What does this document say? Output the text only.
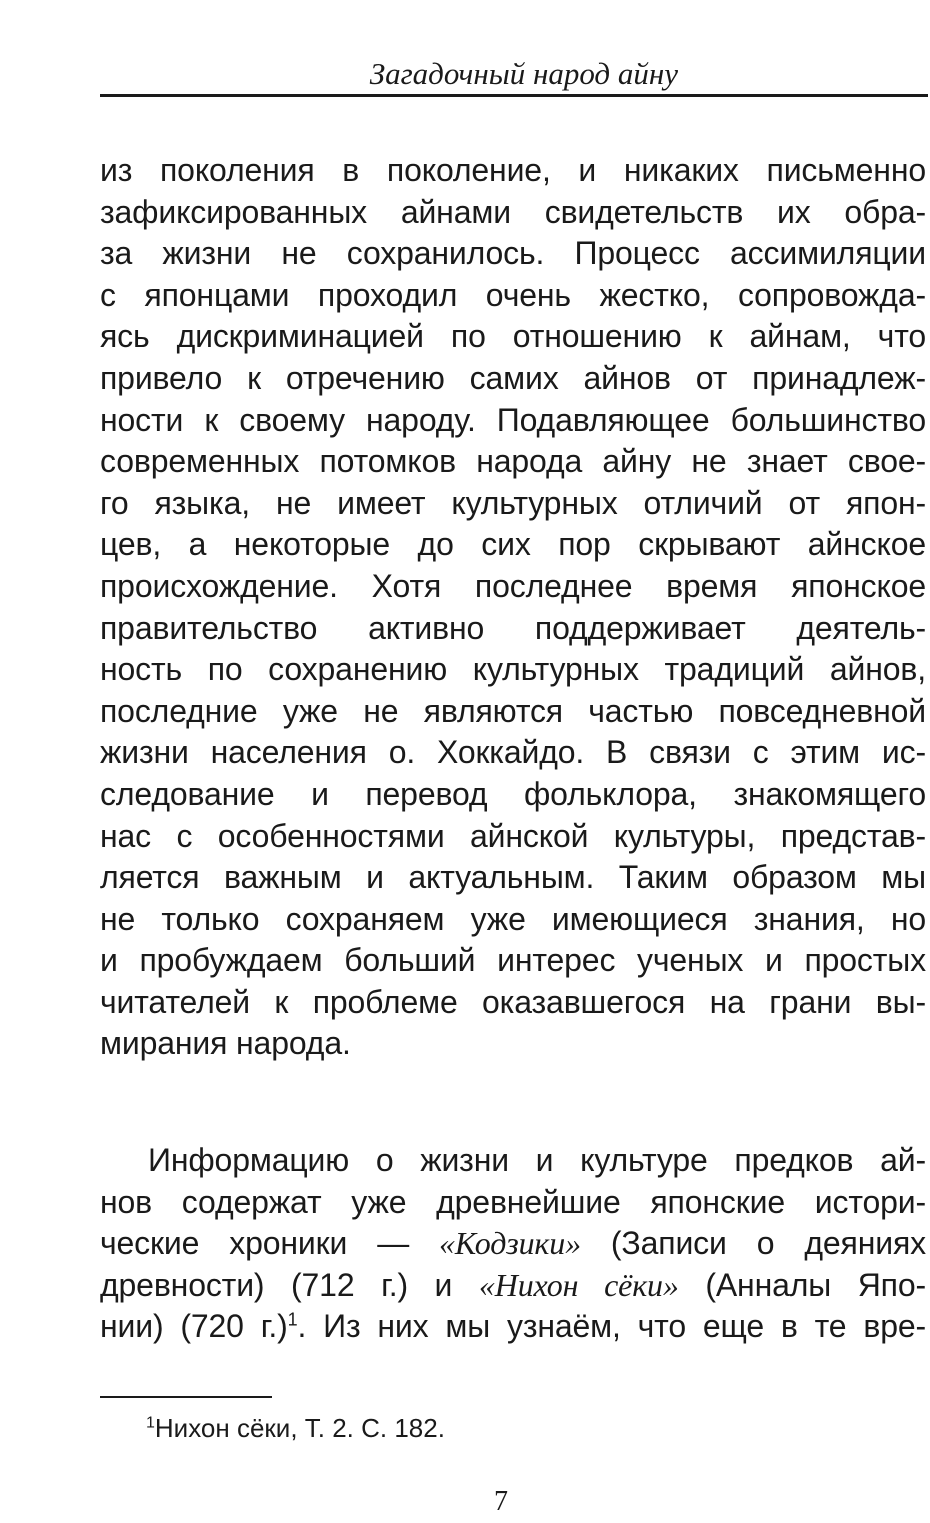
Загадочный народ айну
из поколения в поколение, и никаких письменно
зафиксированных айнами свидетельств их обра-
за жизни не сохранилось. Процесс ассимиляции
с японцами проходил очень жестко, сопровожда-
ясь дискриминацией по отношению к айнам, что
привело к отречению самих айнов от принадлеж-
ности к своему народу. Подавляющее большинство
современных потомков народа айну не знает свое-
го языка, не имеет культурных отличий от япон-
цев, а некоторые до сих пор скрывают айнское
происхождение. Хотя последнее время японское
правительство активно поддерживает деятель-
ность по сохранению культурных традиций айнов,
последние уже не являются частью повседневной
жизни населения о. Хоккайдо. В связи с этим ис-
следование и перевод фольклора, знакомящего
нас с особенностями айнской культуры, представ-
ляется важным и актуальным. Таким образом мы
не только сохраняем уже имеющиеся знания, но
и пробуждаем больший интерес ученых и простых
читателей к проблеме оказавшегося на грани вы-
мирания народа.
Информацию о жизни и культуре предков ай-
нов содержат уже древнейшие японские истори-
ческие хроники — «Кодзики» (Записи о деяниях
древности) (712 г.) и «Нихон сёки» (Анналы Япо-
нии) (720 г.)$^1$. Из них мы узнаём, что еще в те вре-
$^1$Нихон сёки, Т. 2. С. 182.
7
